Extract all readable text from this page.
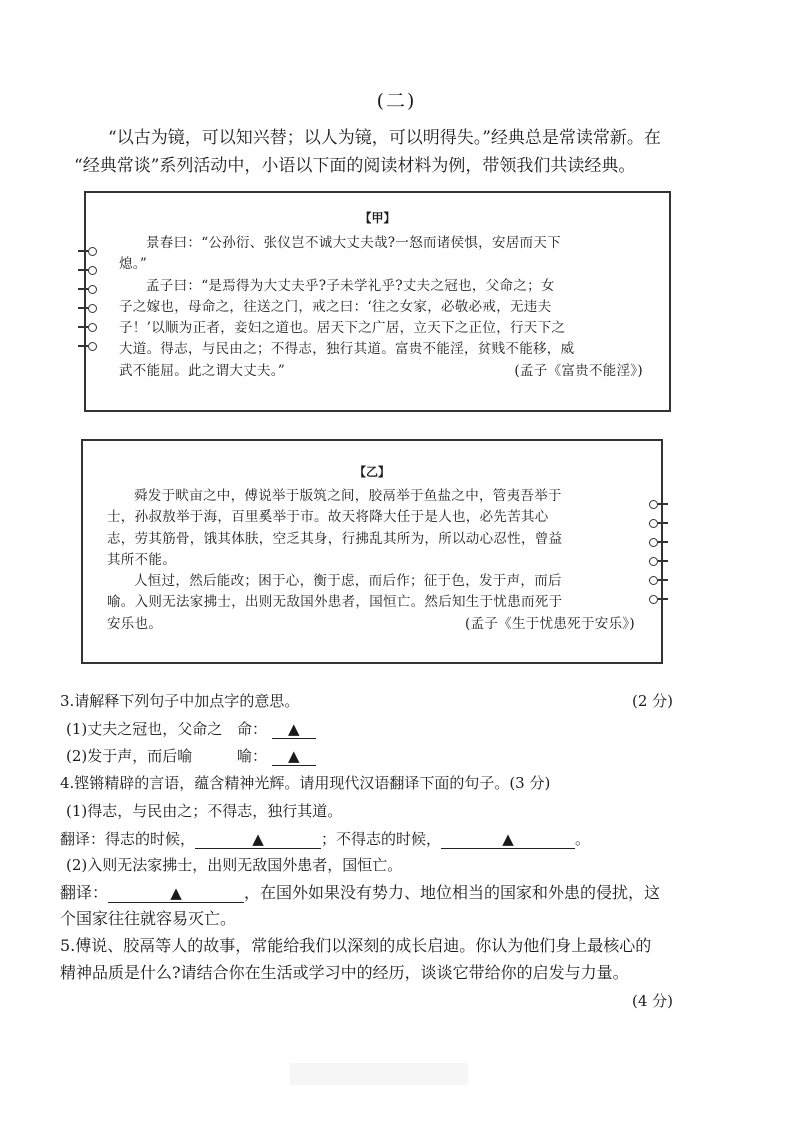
(二)
“以古为镜，可以知兴替；以人为镜，可以明得失。”经典总是常读常新。在
“经典常谈”系列活动中，小语以下面的阅读材料为例，带领我们共读经典。
【甲】

景春曰：“公孙衍、张仪岂不诚大丈夫哉?一怒而诸侯惧，安居而天下

熄。”

孟子曰：“是焉得为大丈夫乎?子未学礼乎?丈夫之冠也，父命之；女

子之嫁也，母命之，往送之门，戒之曰：‘往之女家，必敬必戒，无违夫

子！’以顺为正者，妾妇之道也。居天下之广居，立天下之正位，行天下之

大道。得志，与民由之；不得志，独行其道。富贵不能淫，贫贱不能移，威

武不能屈。此之谓大丈夫。”	(孟子《富贵不能淫》)

【乙】

舜发于畎亩之中，傅说举于版筑之间，胶鬲举于鱼盐之中，管夷吾举于

士，孙叔敖举于海，百里奚举于市。故天将降大任于是人也，必先苦其心

志，劳其筋骨，饿其体肤，空乏其身，行拂乱其所为，所以动心忍性，曾益

其所不能。

人恒过，然后能改；困于心，衡于虑，而后作；征于色，发于声，而后

喻。入则无法家拂士，出则无敌国外患者，国恒亡。然后知生于忧患而死于

安乐也。	(孟子《生于忧患死于安乐》)

3.请解释下列句子中加点字的意思。	(2 分)
(1)丈夫之冠也，父命之 命： ▲
(2)发于声，而后喻	喻： ▲
4.铿锵精辟的言语，蕴含精神光辉。请用现代汉语翻译下面的句子。(3 分)
(1)得志，与民由之；不得志，独行其道。
翻译：得志的时候，	▲	；不得志的时候，	▲	。
(2)入则无法家拂士，出则无敌国外患者，国恒亡。
翻译：	▲	，在国外如果没有势力、地位相当的国家和外患的侵扰，这
个国家往往就容易灭亡。
5.傅说、胶鬲等人的故事，常能给我们以深刻的成长启迪。你认为他们身上最核心的
精神品质是什么?请结合你在生活或学习中的经历，谈谈它带给你的启发与力量。
(4 分)
